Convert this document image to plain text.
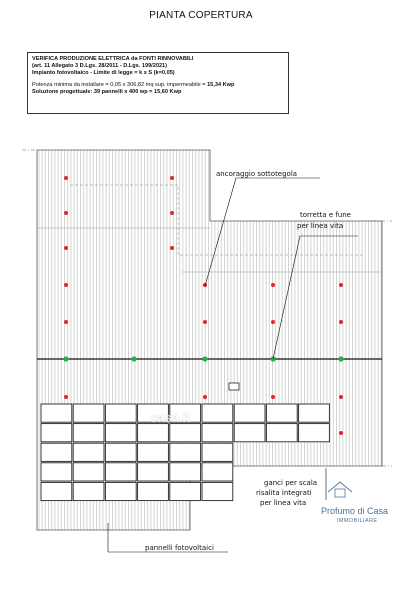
PIANTA COPERTURA
VERIFICA PRODUZIONE ELETTRICA da FONTI RINNOVABILI
(art. 11 Allegato 3 D.Lgs. 28/2011 - D.Lgs. 199/2021)
Impianto fotovoltaico - Limite di legge = k x S (k=0,05)
Potenza minima da installare = 0,05 x 306,82 mq sup. impermeabile = 15,34 Kwp
Soluzione progettuale: 39 pannelli x 400 wp = 15,60 Kwp
ancoraggio sottotegola
torretta e fune
per linea vita
ganci per scala
risalita integrati
per linea vita
pannelli fotovoltaici
casa.it
Profumo di Casa
IMMOBILIARE
